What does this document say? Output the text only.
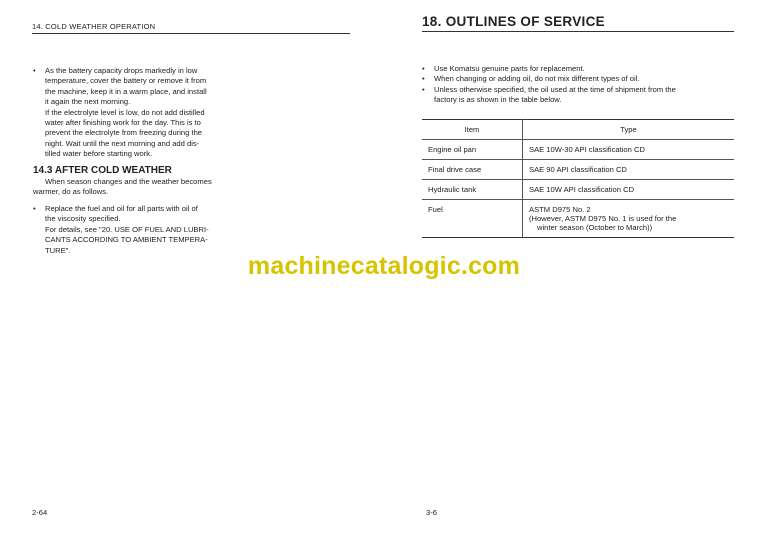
14. COLD WEATHER OPERATION
• As the battery capacity drops markedly in low
temperature, cover the battery or remove it from
the machine, keep it in a warm place, and install
it again the next morning.
If the electrolyte level is low, do not add distilled
water after finishing work for the day. This is to
prevent the electrolyte from freezing during the
night. Wait until the next morning and add dis-
tilled water before starting work.
14.3 AFTER COLD WEATHER
When season changes and the weather becomes
warmer, do as follows.
• Replace the fuel and oil for all parts with oil of
the viscosity specified.
For details, see "20. USE OF FUEL AND LUBRI-
CANTS ACCORDING TO AMBIENT TEMPERA-
TURE".
2-64
18. OUTLINES OF SERVICE
• Use Komatsu genuine parts for replacement.
• When changing or adding oil, do not mix different types of oil.
• Unless otherwise specified, the oil used at the time of shipment from the
factory is as shown in the table below.
Item	Type
Engine oil pan	SAE 10W-30 API classification CD

Final drive case	SAE 90 API classification CD

Hydraulic tank	SAE 10W API classification CD

Fuel	ASTM D975 No. 2
(However, ASTM D975 No. 1 is used for the
winter season (October to March))
3-6
machinecatalogic.com
